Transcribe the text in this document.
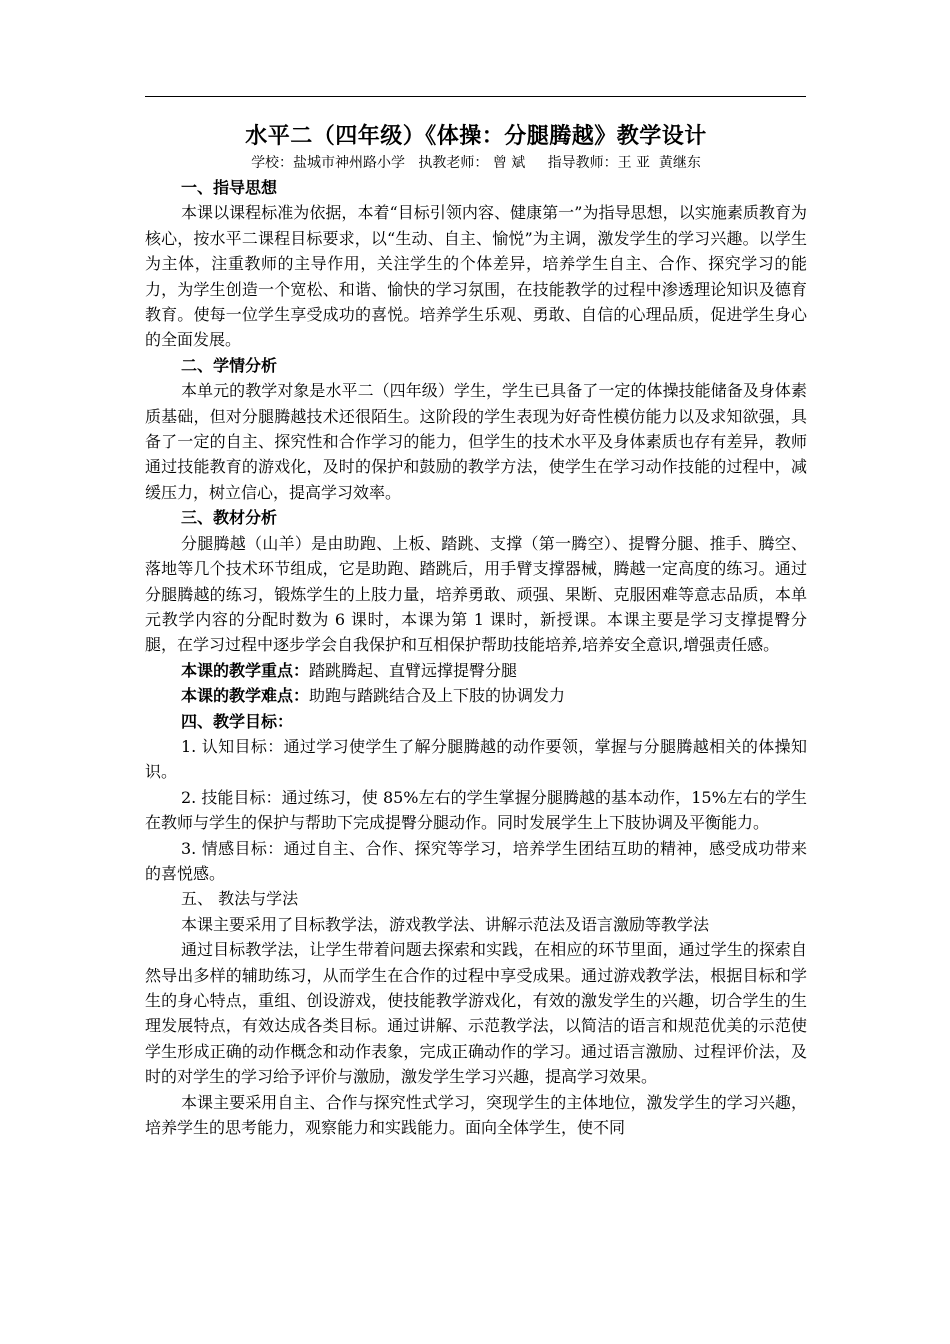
水平二（四年级）《体操：分腿腾越》教学设计

学校：盐城市神州路小学   执教老师： 曾 斌     指导教师：王 亚  黄继东

一、指导思想

本课以课程标准为依据，本着“目标引领内容、健康第一”为指导思想，以实施素质教育为核心，按水平二课程目标要求，以“生动、自主、愉悦”为主调，激发学生的学习兴趣。以学生为主体，注重教师的主导作用，关注学生的个体差异，培养学生自主、合作、探究学习的能力，为学生创造一个宽松、和谐、愉快的学习氛围，在技能教学的过程中渗透理论知识及德育教育。使每一位学生享受成功的喜悦。培养学生乐观、勇敢、自信的心理品质，促进学生身心的全面发展。

二、学情分析

本单元的教学对象是水平二（四年级）学生，学生已具备了一定的体操技能储备及身体素质基础，但对分腿腾越技术还很陌生。这阶段的学生表现为好奇性模仿能力以及求知欲强，具备了一定的自主、探究性和合作学习的能力，但学生的技术水平及身体素质也存有差异，教师通过技能教育的游戏化，及时的保护和鼓励的教学方法，使学生在学习动作技能的过程中，减缓压力，树立信心，提高学习效率。

三、教材分析

分腿腾越（山羊）是由助跑、上板、踏跳、支撑（第一腾空）、提臀分腿、推手、腾空、落地等几个技术环节组成，它是助跑、踏跳后，用手臂支撑器械，腾越一定高度的练习。通过分腿腾越的练习，锻炼学生的上肢力量，培养勇敢、顽强、果断、克服困难等意志品质，本单元教学内容的分配时数为 6 课时，本课为第 1 课时，新授课。本课主要是学习支撑提臀分腿，在学习过程中逐步学会自我保护和互相保护帮助技能培养,培养安全意识,增强责任感。

本课的教学重点：踏跳腾起、直臂远撑提臀分腿

本课的教学难点：助跑与踏跳结合及上下肢的协调发力

四、教学目标：

1. 认知目标：通过学习使学生了解分腿腾越的动作要领，掌握与分腿腾越相关的体操知识。

2. 技能目标：通过练习，使 85%左右的学生掌握分腿腾越的基本动作，15%左右的学生在教师与学生的保护与帮助下完成提臀分腿动作。同时发展学生上下肢协调及平衡能力。

3. 情感目标：通过自主、合作、探究等学习，培养学生团结互助的精神，感受成功带来的喜悦感。

五、 教法与学法

本课主要采用了目标教学法，游戏教学法、讲解示范法及语言激励等教学法

通过目标教学法，让学生带着问题去探索和实践，在相应的环节里面，通过学生的探索自然导出多样的辅助练习，从而学生在合作的过程中享受成果。通过游戏教学法，根据目标和学生的身心特点，重组、创设游戏，使技能教学游戏化，有效的激发学生的兴趣，切合学生的生理发展特点，有效达成各类目标。通过讲解、示范教学法，以简洁的语言和规范优美的示范使学生形成正确的动作概念和动作表象，完成正确动作的学习。通过语言激励、过程评价法，及时的对学生的学习给予评价与激励，激发学生学习兴趣，提高学习效果。

本课主要采用自主、合作与探究性式学习，突现学生的主体地位，激发学生的学习兴趣，培养学生的思考能力，观察能力和实践能力。面向全体学生，使不同
